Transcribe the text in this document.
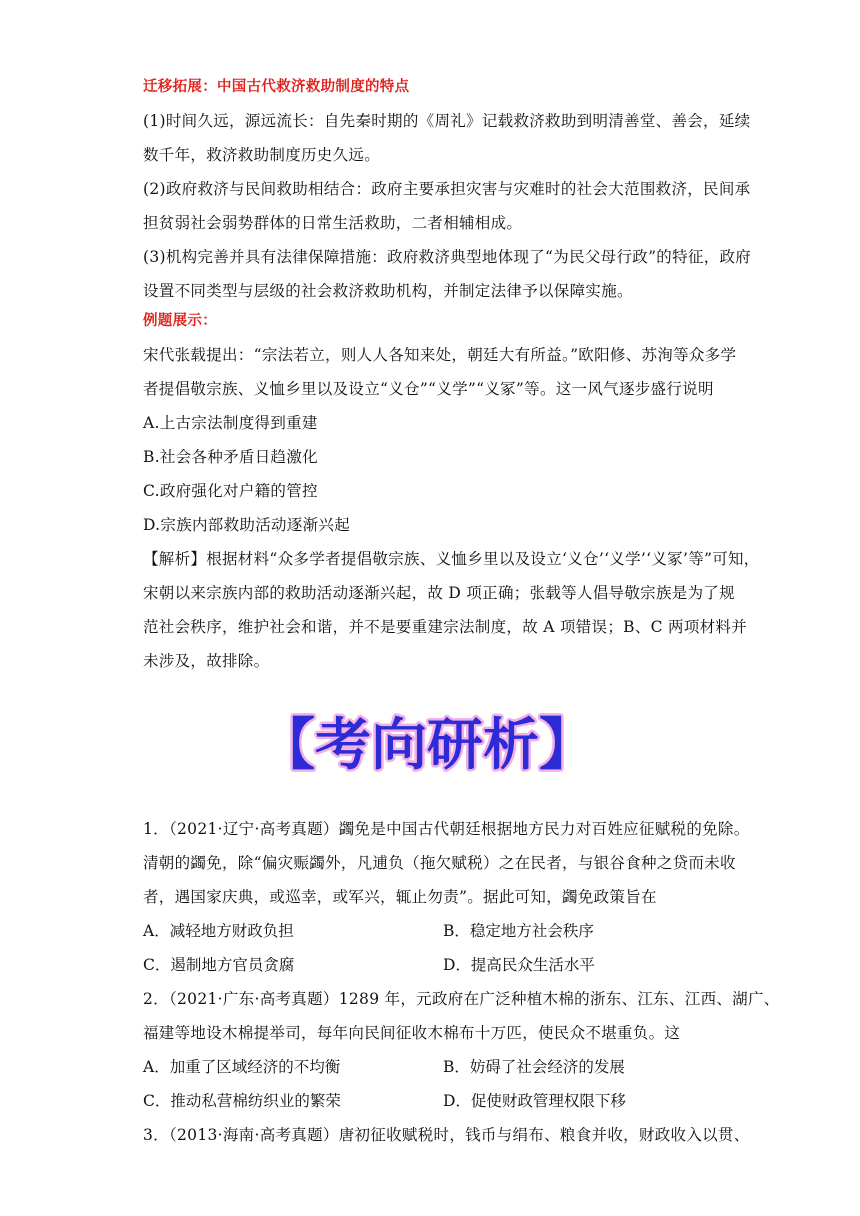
迁移拓展：中国古代救济救助制度的特点
(1)时间久远，源远流长：自先秦时期的《周礼》记载救济救助到明清善堂、善会，延续
数千年，救济救助制度历史久远。
(2)政府救济与民间救助相结合：政府主要承担灾害与灾难时的社会大范围救济，民间承
担贫弱社会弱势群体的日常生活救助，二者相辅相成。
(3)机构完善并具有法律保障措施：政府救济典型地体现了“为民父母行政”的特征，政府
设置不同类型与层级的社会救济救助机构，并制定法律予以保障实施。
例题展示：
宋代张载提出：“宗法若立，则人人各知来处，朝廷大有所益。”欧阳修、苏洵等众多学
者提倡敬宗族、义恤乡里以及设立“义仓”“义学”“义冢”等。这一风气逐步盛行说明
A.上古宗法制度得到重建
B.社会各种矛盾日趋激化
C.政府强化对户籍的管控
D.宗族内部救助活动逐渐兴起
【解析】根据材料“众多学者提倡敬宗族、义恤乡里以及设立‘义仓’‘义学’‘义冢’等”可知，
宋朝以来宗族内部的救助活动逐渐兴起，故 D 项正确；张载等人倡导敬宗族是为了规
范社会秩序，维护社会和谐，并不是要重建宗法制度，故 A 项错误；B、C 两项材料并
未涉及，故排除。
【考向研析】
1．（2021·辽宁·高考真题）蠲免是中国古代朝廷根据地方民力对百姓应征赋税的免除。
清朝的蠲免，除“偏灾赈蠲外，凡逋负（拖欠赋税）之在民者，与银谷食种之贷而未收
者，遇国家庆典，或巡幸，或军兴，辄止勿责”。据此可知，蠲免政策旨在
A．减轻地方财政负担	B．稳定地方社会秩序
C．遏制地方官员贪腐	D．提高民众生活水平
2．（2021·广东·高考真题）1289 年，元政府在广泛种植木棉的浙东、江东、江西、湖广、
福建等地设木棉提举司，每年向民间征收木棉布十万匹，使民众不堪重负。这
A．加重了区域经济的不均衡	B．妨碍了社会经济的发展
C．推动私营棉纺织业的繁荣	D．促使财政管理权限下移
3．（2013·海南·高考真题）唐初征收赋税时，钱币与绢布、粮食并收，财政收入以贯、
